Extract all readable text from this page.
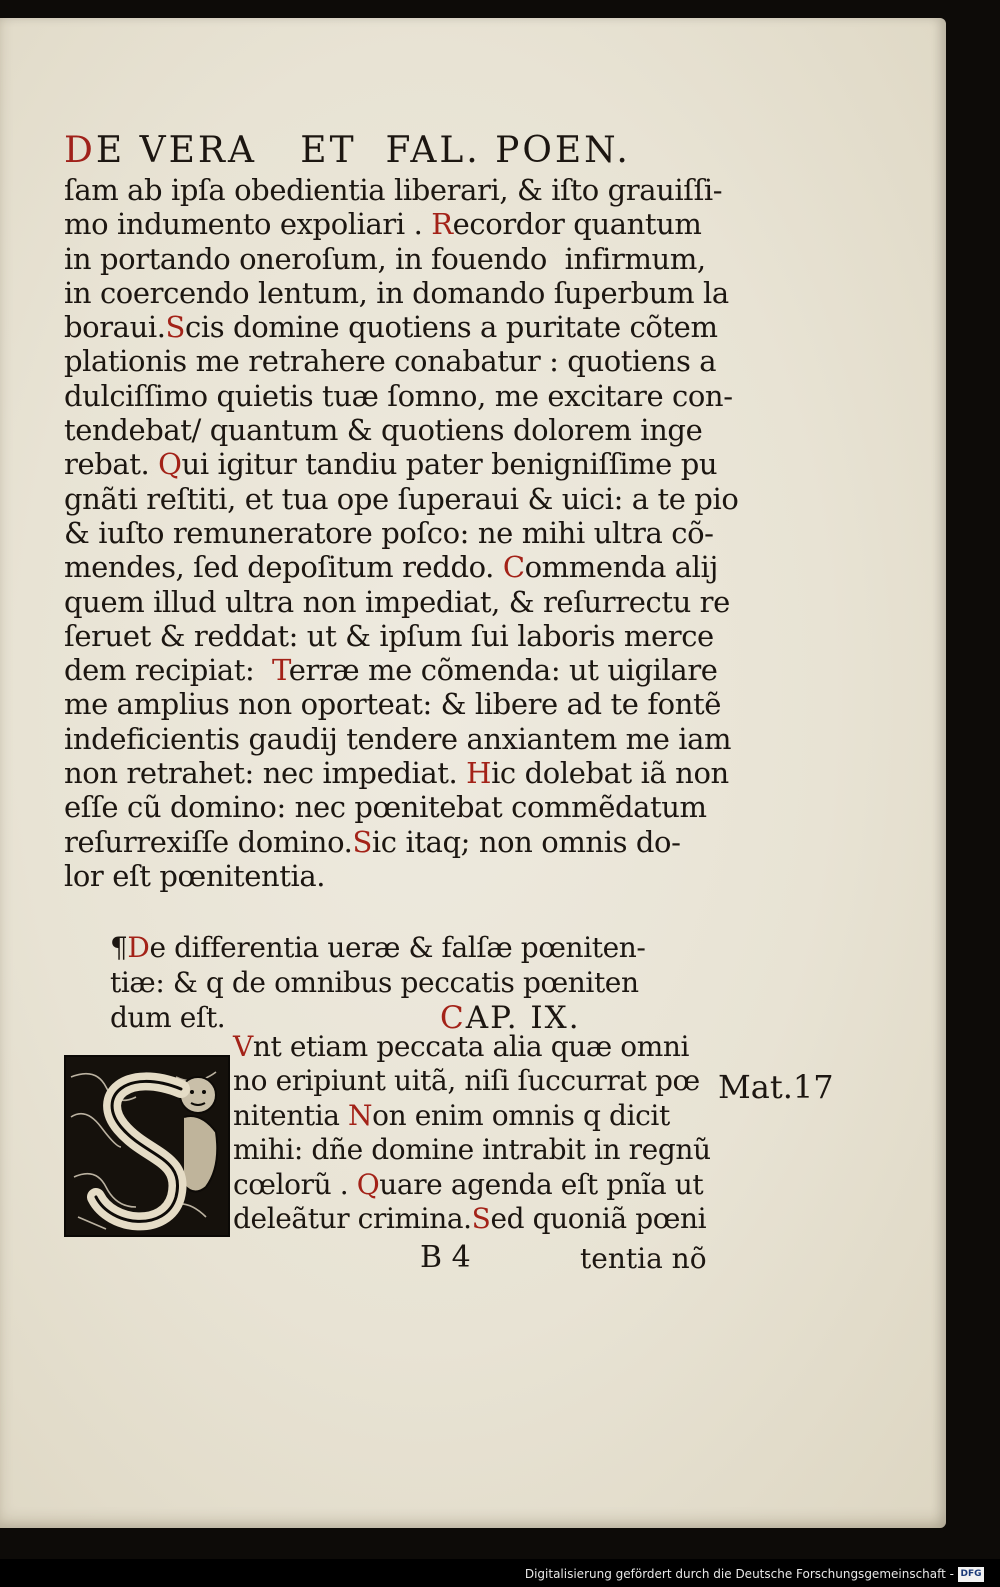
DE VERA   ET  FAL. POEN.
ſam ab ipſa obedientia liberari, & iſto grauiſſi-
mo indumento expoliari . Recordor quantum
in portando oneroſum, in fouendo  infirmum,
in coercendo lentum, in domando ſuperbum la
boraui.Scis domine quotiens a puritate cõtem
plationis me retrahere conabatur : quotiens a
dulciſſimo quietis tuæ ſomno, me excitare con-
tendebat/ quantum & quotiens dolorem inge
rebat. Qui igitur tandiu pater benigniſſime pu
gnãti reſtiti, et tua ope ſuperaui & uici: a te pio
& iuſto remuneratore poſco: ne mihi ultra cõ-
mendes, ſed depoſitum reddo. Commenda alij
quem illud ultra non impediat, & reſurrectu re
ſeruet & reddat: ut & ipſum ſui laboris merce
dem recipiat:  Terræ me cõmenda: ut uigilare
me amplius non oporteat: & libere ad te fontẽ
indeficientis gaudij tendere anxiantem me iam
non retrahet: nec impediat. Hic dolebat iã non
eſſe cũ domino: nec pœnitebat commẽdatum
reſurrexiſſe domino.Sic itaq; non omnis do-
lor eſt pœnitentia.
¶De differentia ueræ & falſæ pœniten-
tiæ: & q de omnibus peccatis pœniten
dum eſt.	CAP. IX.
Vnt etiam peccata alia quæ omni
no eripiunt uitã, niſi ſuccurrat pœ
nitentia Non enim omnis q dicit
mihi: dñe domine intrabit in regnũ
cœlorũ . Quare agenda eſt pnĩa ut
deleãtur crimina.Sed quoniã pœni
Mat.17
B 4	tentia nõ
Digitalisierung gefördert durch die Deutsche Forschungsgemeinschaft - DFG
